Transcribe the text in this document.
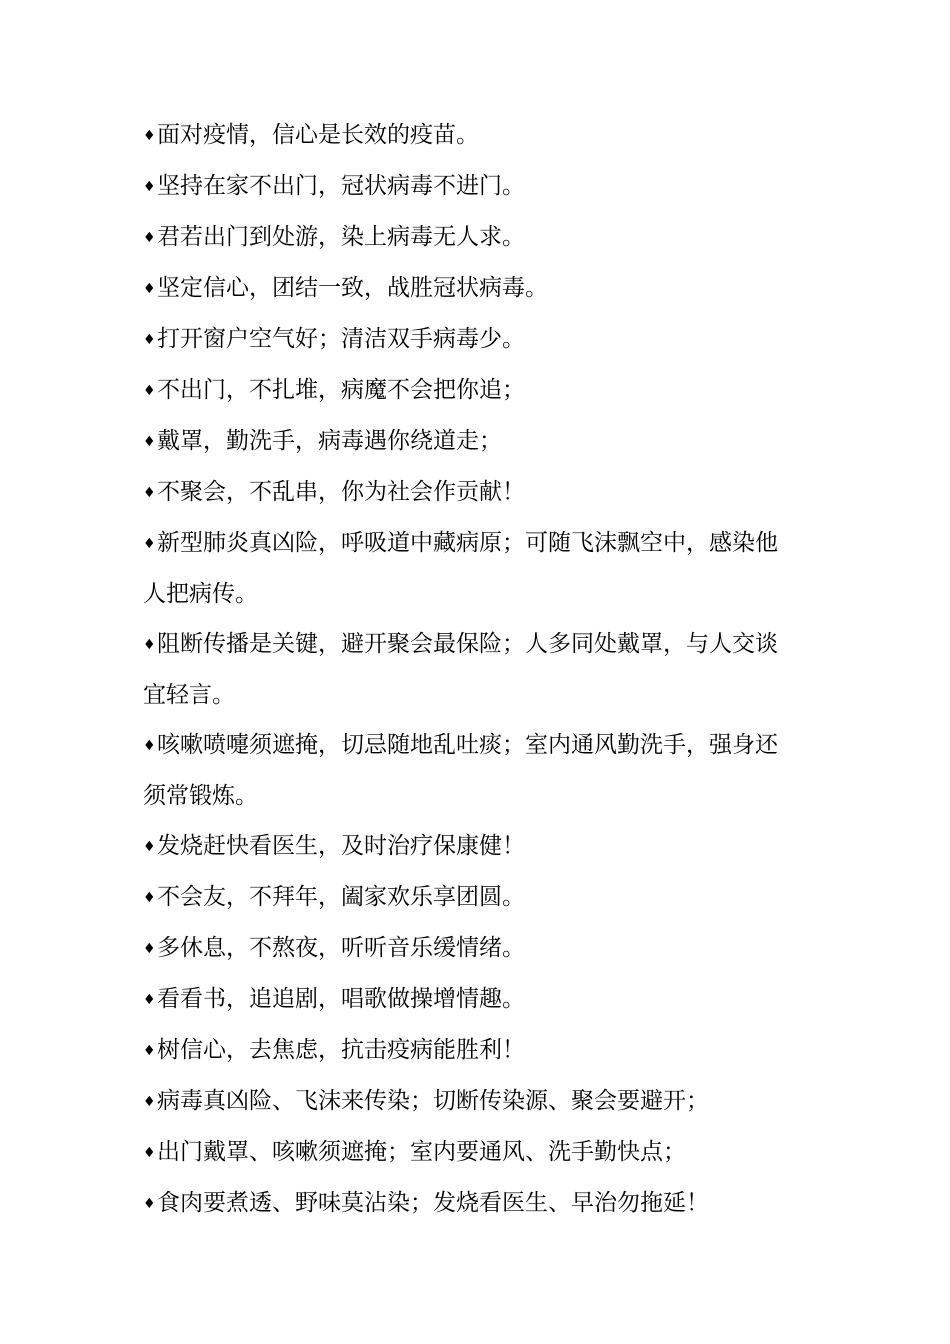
♦面对疫情，信心是长效的疫苗。

♦坚持在家不出门，冠状病毒不进门。

♦君若出门到处游，染上病毒无人求。

♦坚定信心，团结一致，战胜冠状病毒。

♦打开窗户空气好；清洁双手病毒少。

♦不出门，不扎堆，病魔不会把你追；

♦戴罩，勤洗手，病毒遇你绕道走；

♦不聚会，不乱串，你为社会作贡献！

♦新型肺炎真凶险，呼吸道中藏病原；可随飞沫飘空中，感染他人把病传。

♦阻断传播是关键，避开聚会最保险；人多同处戴罩，与人交谈宜轻言。

♦咳嗽喷嚏须遮掩，切忌随地乱吐痰；室内通风勤洗手，强身还须常锻炼。

♦发烧赶快看医生，及时治疗保康健！

♦不会友，不拜年，阖家欢乐享团圆。

♦多休息，不熬夜，听听音乐缓情绪。

♦看看书，追追剧，唱歌做操增情趣。

♦树信心，去焦虑，抗击疫病能胜利！

♦病毒真凶险、飞沫来传染；切断传染源、聚会要避开；

♦出门戴罩、咳嗽须遮掩；室内要通风、洗手勤快点；

♦食肉要煮透、野味莫沾染；发烧看医生、早治勿拖延！
